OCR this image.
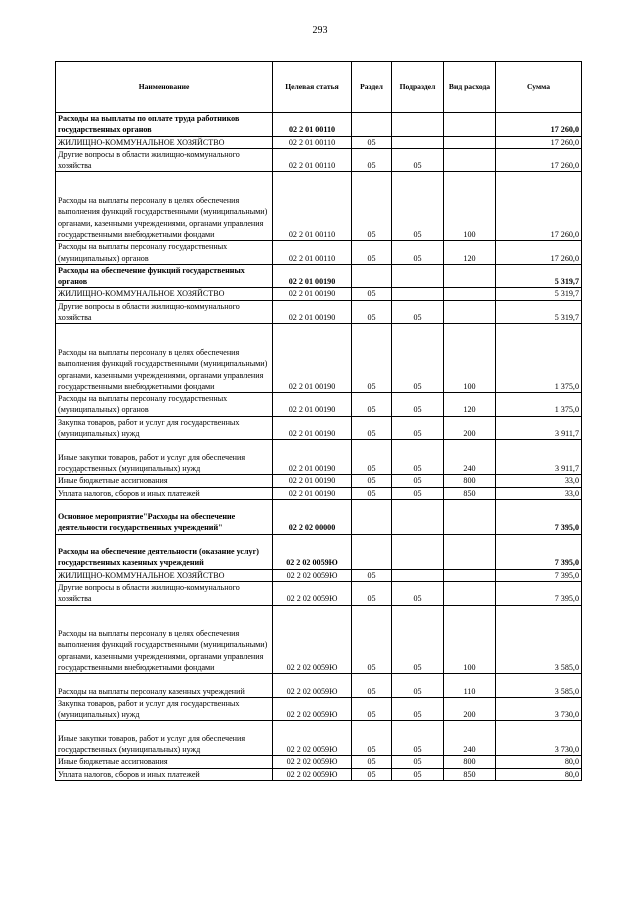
293
Наименование	Целевая статья	Раздел	Подраздел	Вид расхода	Сумма
Расходы на выплаты по оплате труда работников государственных органов	02 2 01 00110				17 260,0
ЖИЛИЩНО-КОММУНАЛЬНОЕ ХОЗЯЙСТВО	02 2 01 00110	05			17 260,0
Другие вопросы в области жилищно-коммунального хозяйства	02 2 01 00110	05	05		17 260,0
Расходы на выплаты персоналу в целях обеспечения выполнения функций государственными (муниципальными) органами, казенными учреждениями, органами управления государственными внебюджетными фондами	02 2 01 00110	05	05	100	17 260,0
Расходы на выплаты персоналу государственных (муниципальных) органов	02 2 01 00110	05	05	120	17 260,0
Расходы на обеспечение функций государственных органов	02 2 01 00190				5 319,7
ЖИЛИЩНО-КОММУНАЛЬНОЕ ХОЗЯЙСТВО	02 2 01 00190	05			5 319,7
Другие вопросы в области жилищно-коммунального хозяйства	02 2 01 00190	05	05		5 319,7
Расходы на выплаты персоналу в целях обеспечения выполнения функций государственными (муниципальными) органами, казенными учреждениями, органами управления государственными внебюджетными фондами	02 2 01 00190	05	05	100	1 375,0
Расходы на выплаты персоналу государственных (муниципальных) органов	02 2 01 00190	05	05	120	1 375,0
Закупка товаров, работ и услуг для государственных (муниципальных) нужд	02 2 01 00190	05	05	200	3 911,7
Иные закупки товаров, работ и услуг для обеспечения государственных (муниципальных) нужд	02 2 01 00190	05	05	240	3 911,7
Иные бюджетные ассигнования	02 2 01 00190	05	05	800	33,0
Уплата налогов, сборов и иных платежей	02 2 01 00190	05	05	850	33,0
Основное мероприятие"Расходы на обеспечение деятельности государственных учреждений"	02 2 02 00000				7 395,0
Расходы на обеспечение деятельности (оказание услуг) государственных казенных учреждений	02 2 02 0059Ю				7 395,0
ЖИЛИЩНО-КОММУНАЛЬНОЕ ХОЗЯЙСТВО	02 2 02 0059Ю	05			7 395,0
Другие вопросы в области жилищно-коммунального хозяйства	02 2 02 0059Ю	05	05		7 395,0
Расходы на выплаты персоналу в целях обеспечения выполнения функций государственными (муниципальными) органами, казенными учреждениями, органами управления государственными внебюджетными фондами	02 2 02 0059Ю	05	05	100	3 585,0
Расходы на выплаты персоналу казенных учреждений	02 2 02 0059Ю	05	05	110	3 585,0
Закупка товаров, работ и услуг для государственных (муниципальных) нужд	02 2 02 0059Ю	05	05	200	3 730,0
Иные закупки товаров, работ и услуг для обеспечения государственных (муниципальных) нужд	02 2 02 0059Ю	05	05	240	3 730,0
Иные бюджетные ассигнования	02 2 02 0059Ю	05	05	800	80,0
Уплата налогов, сборов и иных платежей	02 2 02 0059Ю	05	05	850	80,0
